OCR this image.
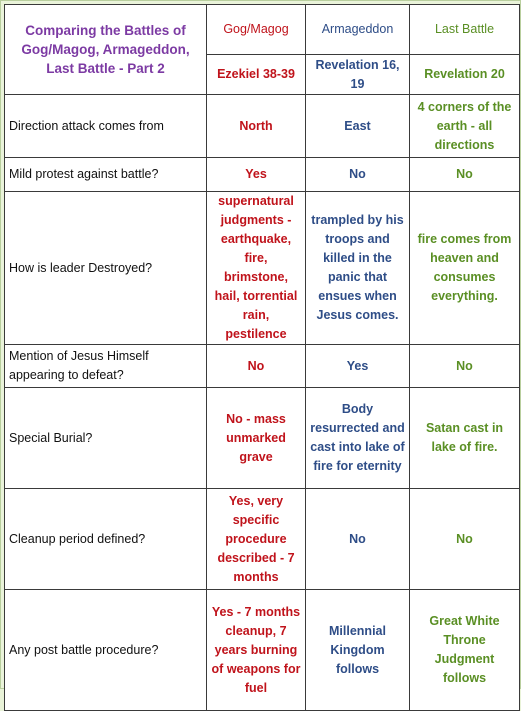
Comparing the Battles of Gog/Magog, Armageddon, Last Battle - Part 2	Gog/Magog	Armageddon	Last Battle
	Ezekiel 38-39	Revelation 16, 19	Revelation 20
Direction attack comes from	North	East	4 corners of the earth - all directions
Mild protest against battle?	Yes	No	No
How is leader Destroyed?	supernatural judgments - earthquake, fire, brimstone, hail, torrential rain, pestilence	trampled by his troops and killed in the panic that ensues when Jesus comes.	fire comes from heaven and consumes everything.
Mention of Jesus Himself appearing to defeat?	No	Yes	No
Special Burial?	No - mass unmarked grave	Body resurrected and cast into lake of fire for eternity	Satan cast in lake of fire.
Cleanup period defined?	Yes, very specific procedure described - 7 months	No	No
Any post battle procedure?	Yes - 7 months cleanup, 7 years burning of weapons for fuel	Millennial Kingdom follows	Great White Throne Judgment follows
